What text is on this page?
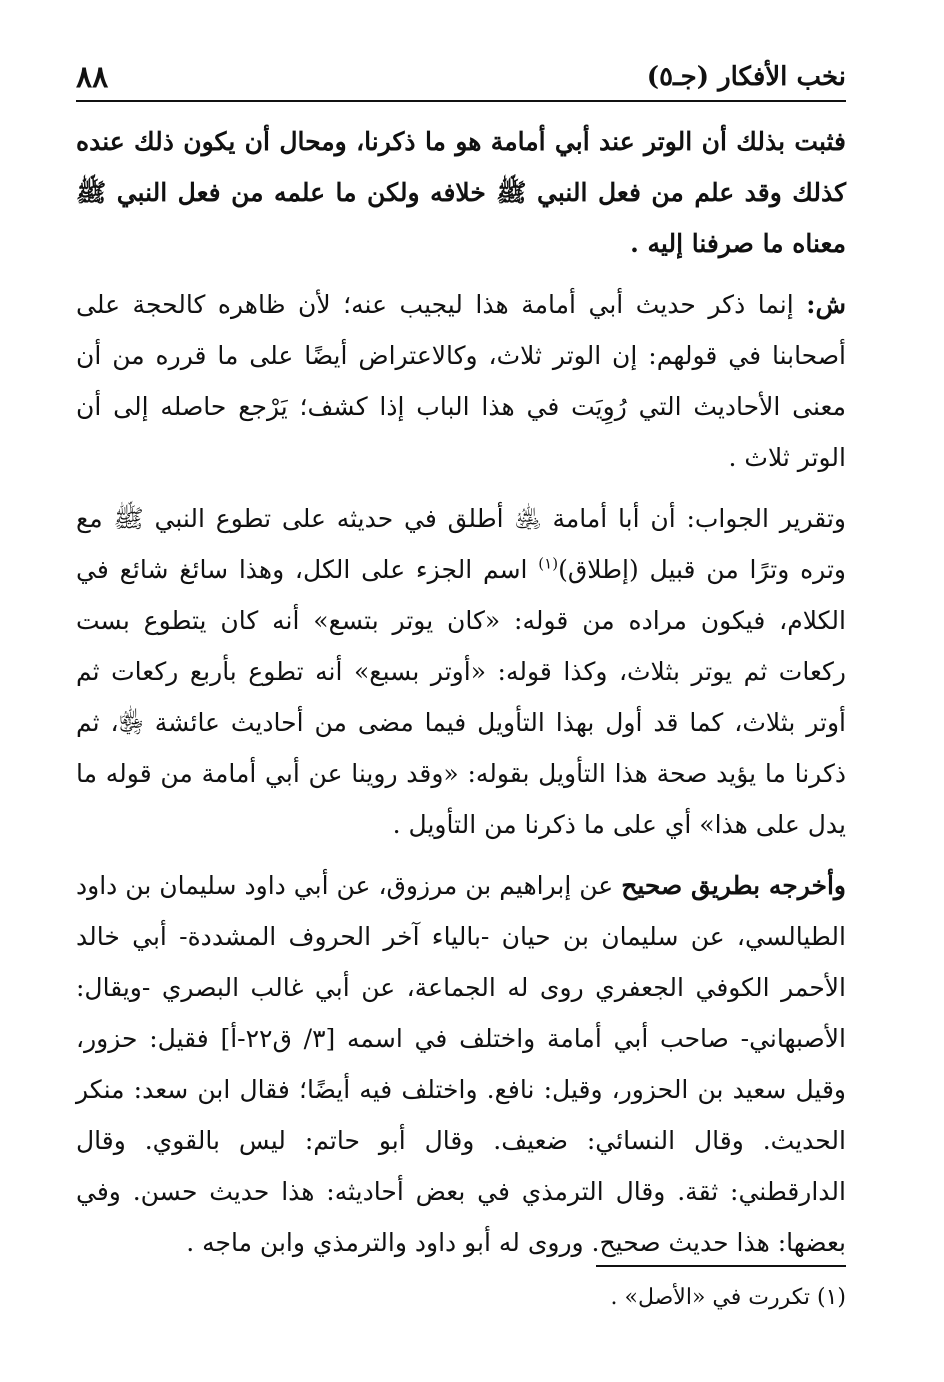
٨٨	نخب الأفكار (جـ٥)

فثبت بذلك أن الوتر عند أبي أمامة هو ما ذكرنا، ومحال أن يكون ذلك عنده كذلك وقد علم من فعل النبي ﷺ خلافه ولكن ما علمه من فعل النبي ﷺ معناه ما صرفنا إليه .

ش: إنما ذكر حديث أبي أمامة هذا ليجيب عنه؛ لأن ظاهره كالحجة على أصحابنا في قولهم: إن الوتر ثلاث، وكالاعتراض أيضًا على ما قرره من أن معنى الأحاديث التي رُوِيَت في هذا الباب إذا كشف؛ يَرْجع حاصله إلى أن الوتر ثلاث .

وتقرير الجواب: أن أبا أمامة ﵁ أطلق في حديثه على تطوع النبي ﷺ مع وتره وترًا من قبيل (إطلاق)$^{(١)}$ اسم الجزء على الكل، وهذا سائغ شائع في الكلام، فيكون مراده من قوله: «كان يوتر بتسع» أنه كان يتطوع بست ركعات ثم يوتر بثلاث، وكذا قوله: «أوتر بسبع» أنه تطوع بأربع ركعات ثم أوتر بثلاث، كما قد أول بهذا التأويل فيما مضى من أحاديث عائشة ﵂، ثم ذكرنا ما يؤيد صحة هذا التأويل بقوله: «وقد روينا عن أبي أمامة من قوله ما يدل على هذا» أي على ما ذكرنا من التأويل .

وأخرجه بطريق صحيح عن إبراهيم بن مرزوق، عن أبي داود سليمان بن داود الطيالسي، عن سليمان بن حيان -بالياء آخر الحروف المشددة- أبي خالد الأحمر الكوفي الجعفري روى له الجماعة، عن أبي غالب البصري -ويقال: الأصبهاني- صاحب أبي أمامة واختلف في اسمه [٣/ ق٢٢-أ] فقيل: حزور، وقيل سعيد بن الحزور، وقيل: نافع. واختلف فيه أيضًا؛ فقال ابن سعد: منكر الحديث. وقال النسائي: ضعيف. وقال أبو حاتم: ليس بالقوي. وقال الدارقطني: ثقة. وقال الترمذي في بعض أحاديثه: هذا حديث حسن. وفي بعضها: هذا حديث صحيح. وروى له أبو داود والترمذي وابن ماجه .

(١) تكررت في «الأصل» .
